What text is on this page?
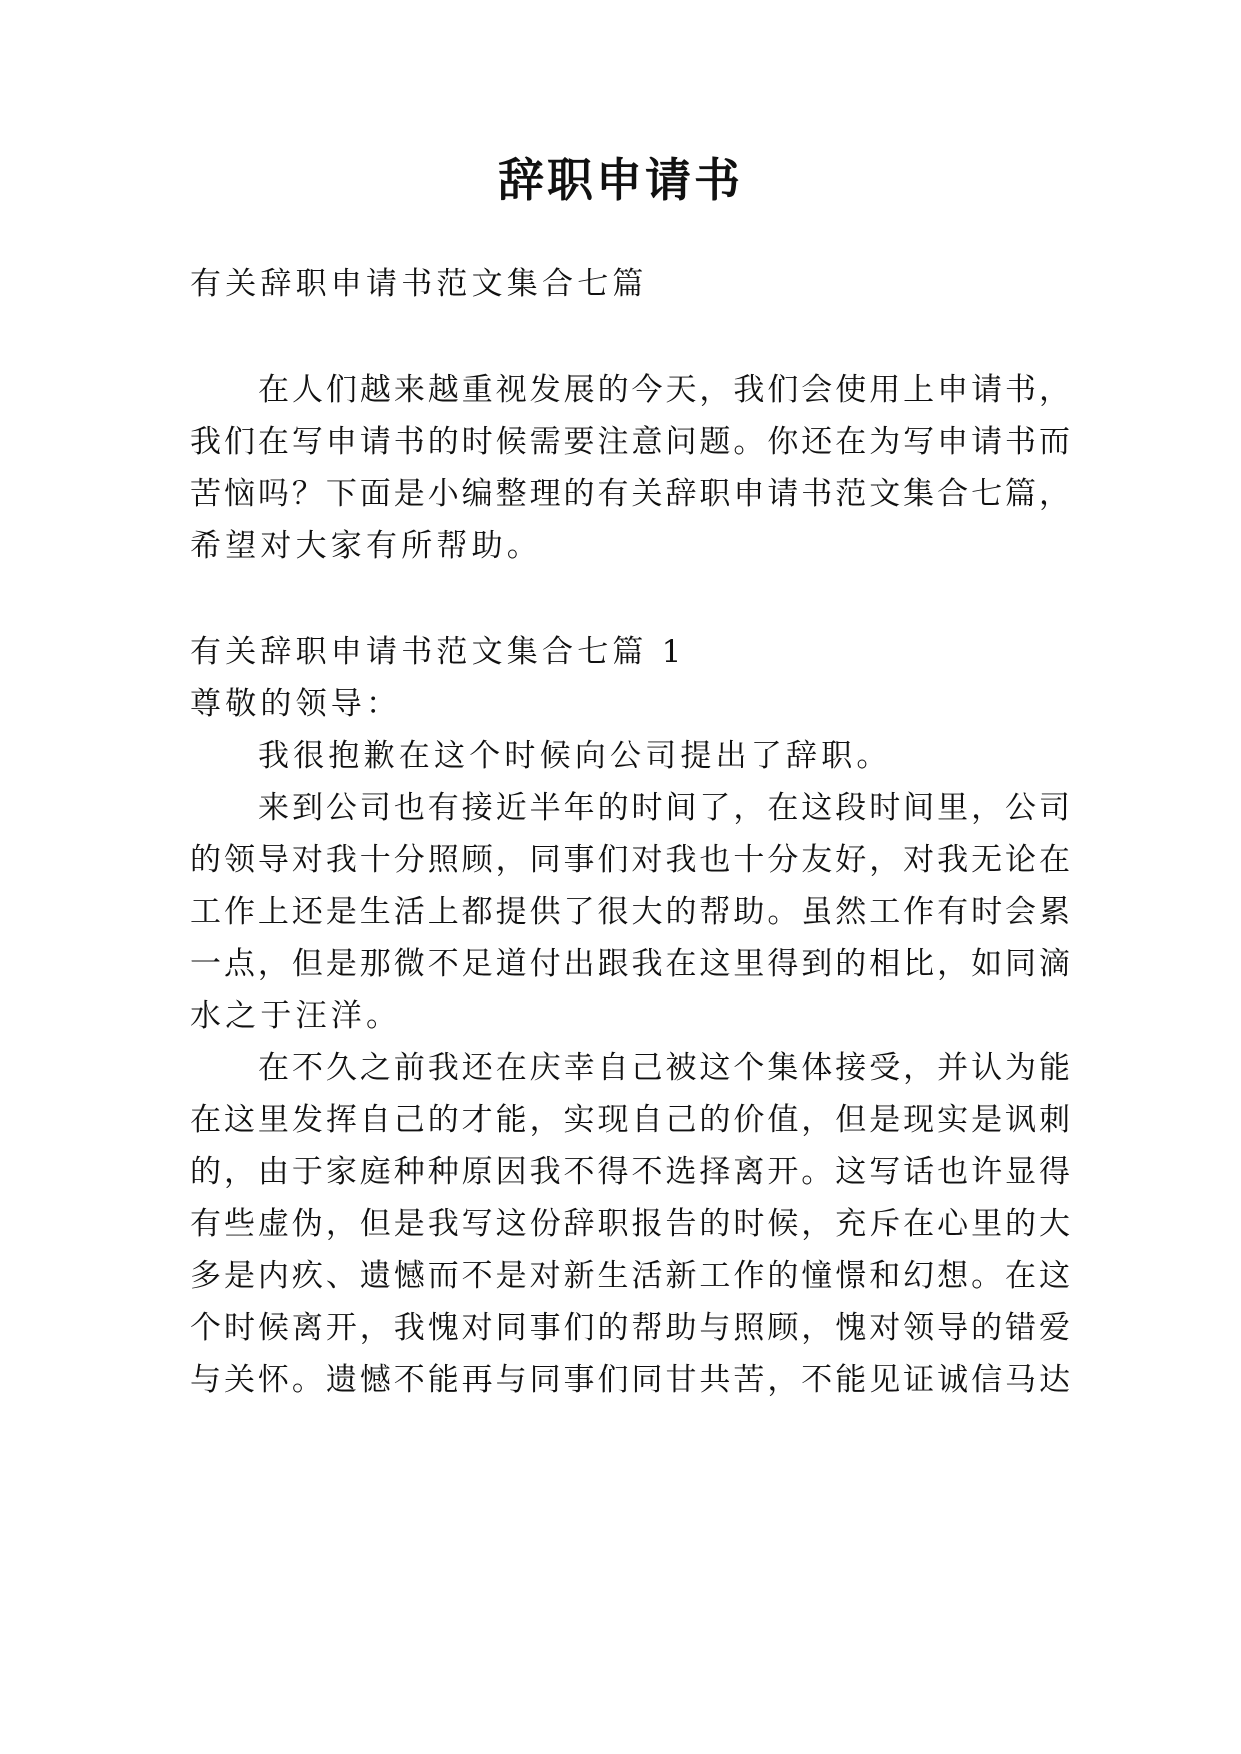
辞职申请书
有关辞职申请书范文集合七篇
在人们越来越重视发展的今天，我们会使用上申请书，
我们在写申请书的时候需要注意问题。你还在为写申请书而
苦恼吗？下面是小编整理的有关辞职申请书范文集合七篇，
希望对大家有所帮助。
有关辞职申请书范文集合七篇 1
尊敬的领导：
我很抱歉在这个时候向公司提出了辞职。
来到公司也有接近半年的时间了，在这段时间里，公司
的领导对我十分照顾，同事们对我也十分友好，对我无论在
工作上还是生活上都提供了很大的帮助。虽然工作有时会累
一点，但是那微不足道付出跟我在这里得到的相比，如同滴
水之于汪洋。
在不久之前我还在庆幸自己被这个集体接受，并认为能
在这里发挥自己的才能，实现自己的价值，但是现实是讽刺
的，由于家庭种种原因我不得不选择离开。这写话也许显得
有些虚伪，但是我写这份辞职报告的时候，充斥在心里的大
多是内疚、遗憾而不是对新生活新工作的憧憬和幻想。在这
个时候离开，我愧对同事们的帮助与照顾，愧对领导的错爱
与关怀。遗憾不能再与同事们同甘共苦，不能见证诚信马达
